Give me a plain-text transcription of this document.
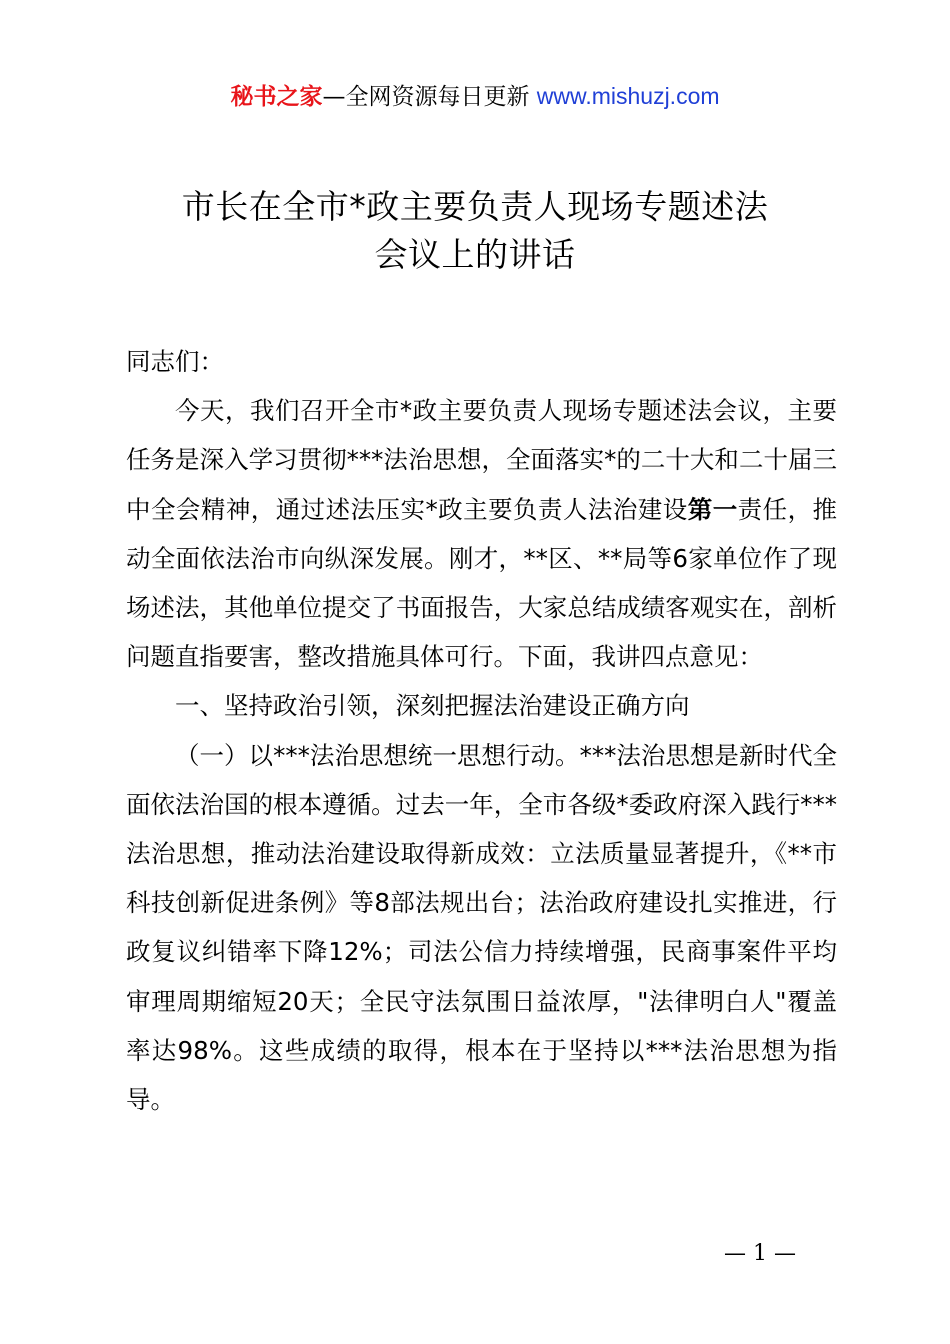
秘书之家—全网资源每日更新 www.mishuzj.com
市长在全市*政主要负责人现场专题述法
会议上的讲话

同志们：

今天，我们召开全市*政主要负责人现场专题述法会议，主要任务是深入学习贯彻***法治思想，全面落实*的二十大和二十届三中全会精神，通过述法压实*政主要负责人法治建设第一责任，推动全面依法治市向纵深发展。刚才，**区、**局等6家单位作了现场述法，其他单位提交了书面报告，大家总结成绩客观实在，剖析问题直指要害，整改措施具体可行。下面，我讲四点意见：

一、坚持政治引领，深刻把握法治建设正确方向

（一）以***法治思想统一思想行动。***法治思想是新时代全面依法治国的根本遵循。过去一年，全市各级*委政府深入践行***法治思想，推动法治建设取得新成效：立法质量显著提升，《**市科技创新促进条例》等8部法规出台；法治政府建设扎实推进，行政复议纠错率下降12%；司法公信力持续增强，民商事案件平均审理周期缩短20天；全民守法氛围日益浓厚，"法律明白人"覆盖率达98%。这些成绩的取得，根本在于坚持以***法治思想为指导。

— 1 —
